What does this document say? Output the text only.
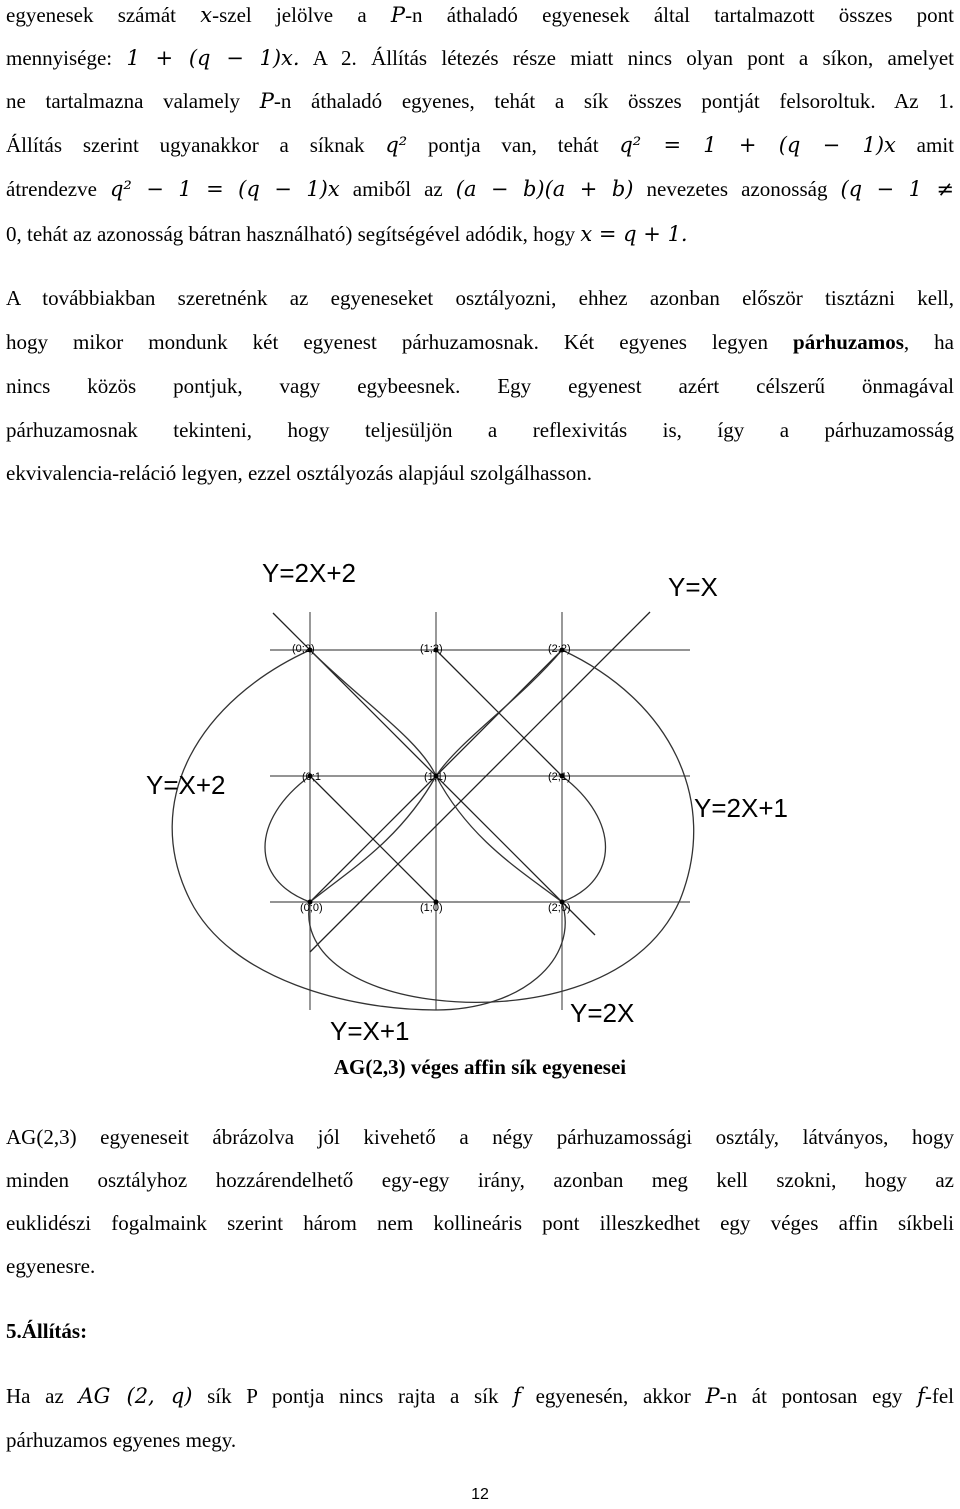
egyenesek számát x-szel jelölve a P-n áthaladó egyenesek által tartalmazott összes pont
mennyisége: 1 + (q − 1)x. A 2. Állítás létezés része miatt nincs olyan pont a síkon, amelyet
ne tartalmazna valamely P-n áthaladó egyenes, tehát a sík összes pontját felsoroltuk. Az 1.
Állítás szerint ugyanakkor a síknak q² pontja van, tehát q² = 1 + (q − 1)x amit
átrendezve q² − 1 = (q − 1)x amiből az (a − b)(a + b) nevezetes azonosság (q − 1 ≠
0, tehát az azonosság bátran használható) segítségével adódik, hogy x = q + 1.
A továbbiakban szeretnénk az egyeneseket osztályozni, ehhez azonban először tisztázni kell,
hogy mikor mondunk két egyenest párhuzamosnak. Két egyenes legyen párhuzamos, ha
nincs közös pontjuk, vagy egybeesnek. Egy egyenest azért célszerű önmagával
párhuzamosnak tekinteni, hogy teljesüljön a reflexivitás is, így a párhuzamosság
ekvivalencia-reláció legyen, ezzel osztályozás alapjául szolgálhasson.
(0;2)	(1;2)	(2;2)
(0;1	(1;1)	(2;1)
(0;0)	(1;0)	(2;0)
Y=2X+2	Y=X
Y=X+2
Y=2X+1
Y=X+1
Y=2X
AG(2,3) véges affin sík egyenesei
AG(2,3) egyeneseit ábrázolva jól kivehető a négy párhuzamossági osztály, látványos, hogy
minden osztályhoz hozzárendelhető egy-egy irány, azonban meg kell szokni, hogy az
euklidészi fogalmaink szerint három nem kollineáris pont illeszkedhet egy véges affin síkbeli
egyenesre.
5.Állítás:
Ha az AG (2, q) sík P pontja nincs rajta a sík f egyenesén, akkor P-n át pontosan egy f-fel
párhuzamos egyenes megy.
12
